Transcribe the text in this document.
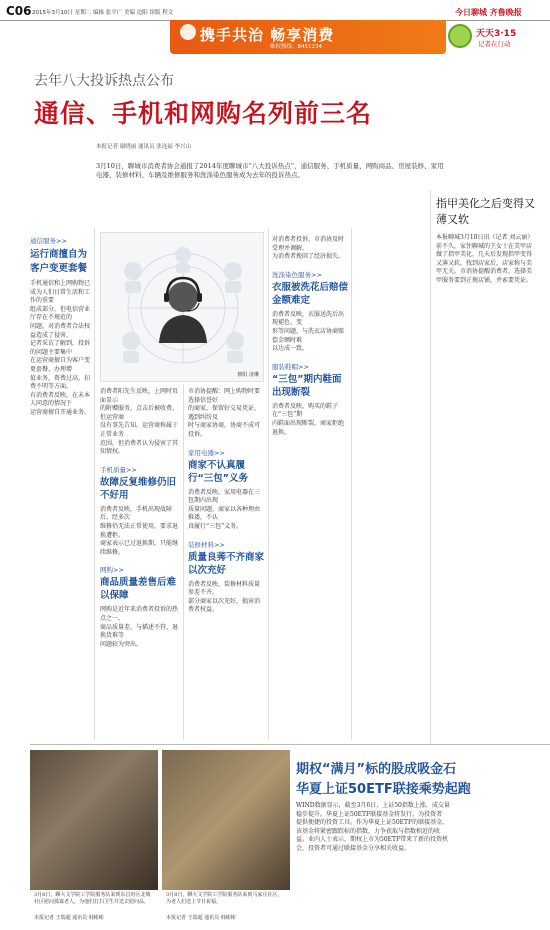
C06 2015年3月10日 星期二 编辑 张平广 美编 边阳 组版 程文	今日聊城 齐鲁晚报
携手共治 畅享消费
维权热线：8451234
天天3·15
记者在行动
去年八大投诉热点公布
通信、手机和网购名列前三名
本报记者 谢晓丽 通讯员 张连福 李兴山
3月10日，聊城市消费者协会通报了2014年度聊城市“八大投诉热点”，通信服务、手机质量、网购商品、房屋装修、家用电器、装修材料、车辆及维修服务和洗涤染色服务成为去年的投诉热点。
通信服务>>
运行商擅自为客户变更套餐

手机通信和上网购物已成为人们日常生活和工作的重要

组成部分，但电信营业厅存在不规范的

问题，对消费者合法权益造成了侵害，

记者采访了解到，投诉的问题主要集中

在运营商擅自为客户变更套餐、办理增

值业务，资费过高、扣费不明等方面。

有消费者反映，在未本人同意的情况下

运营商擅自开通业务。

朝阳 凌琳

消费者阳先生反映，上网时页面显示

的附赠服务，点击后被收费，但运营商

没有事先告知。运营商称属于正常业务

范围，但消费者认为侵害了其知情权。

手机质量>>
故障反复维修仍旧不好用

消费者反映，手机出现故障后，经多次

维修仍无法正常使用，要求退换遭拒。

商家表示已过退换期，只能继续维修。

网购>>
商品质量差售后难以保障

网购是近年来消费者投诉的热点之一，

商品质量差、与描述不符、退换货难等

问题较为突出。

市消协提醒：网上购物时要选择信誉好

的商家，保留好交易凭证，遇到纠纷及

时与商家协商，协商不成可投诉。

家用电器>>
商家不认真履行“三包”义务

消费者反映，家用电器在三包期内出现

质量问题，商家以各种理由推诿，不认

真履行“三包”义务。

装修材料>>
质量良莠不齐商家以次充好

消费者反映，装修材料质量参差不齐，

部分商家以次充好，损害消费者权益。

对消费者投诉，市消协及时受理并调解，

为消费者挽回了经济损失。

洗涤染色服务>>
衣服被洗花后赔偿金额难定

消费者反映，衣服送洗后出现褪色、变

形等问题，与洗衣店协商赔偿金额时难

以达成一致。

服装鞋帽>>
“三包”期内鞋面出现断裂

消费者反映，购买的鞋子在“三包”期

内鞋面出现断裂，商家拒绝退换。

指甲美化之后变得又薄又软

本报聊城3月10日讯（记者 刘云丽）

前不久，家住聊城的王女士在美甲店

做了指甲美化，几天后发现指甲变得

又薄又软，找到店家后，店家称与美

甲无关。市消协提醒消费者，选择美

甲服务要到正规店铺，并索要凭证。

3月8日，聊大文学院工学院服务队来到东昌府区北城社区慰问孤寡老人，为他们打扫卫生并送去慰问品。
本报记者 王瑞超 通讯员 韩彬彬
3月8日，聊大文学院工学院服务队来到马家庄社区，为老人们送上节日祝福。
本报记者 王瑞超 通讯员 韩彬彬
期权“满月”标的股成吸金石
华夏上证50ETF联接乘势起跑

WIND数据显示，截至3月6日，上证50指数上涨，成交量

稳步提升。华夏上证50ETF联接基金将发行，为投资者

提供便捷的投资工具。作为华夏上证50ETF的联接基金，

该基金将紧密跟踪标的指数，力争获取与指数相近的收

益。业内人士表示，期权上市为50ETF带来了新的投资机

会，投资者可通过联接基金分享相关收益。
